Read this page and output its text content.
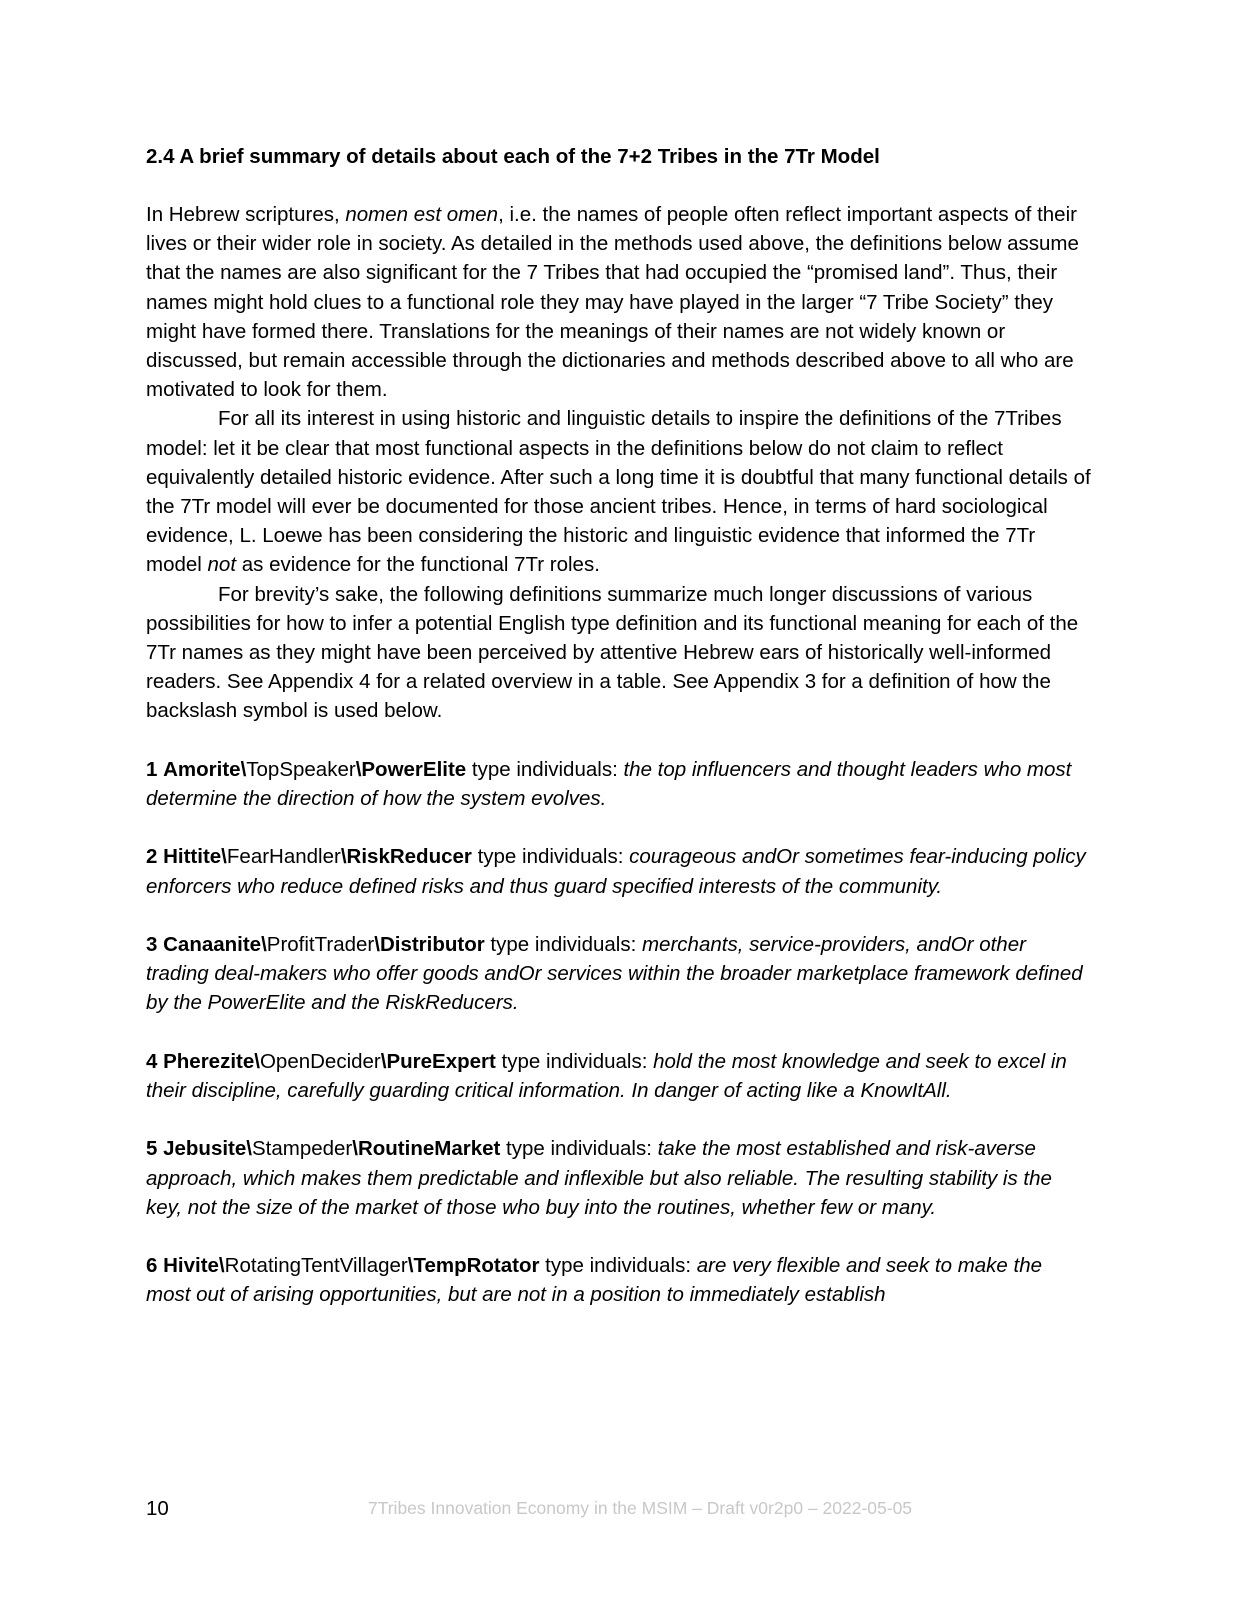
2.4 A brief summary of details about each of the 7+2 Tribes in the 7Tr Model

In Hebrew scriptures, nomen est omen, i.e. the names of people often reflect important aspects of their lives or their wider role in society. As detailed in the methods used above, the definitions below assume that the names are also significant for the 7 Tribes that had occupied the “promised land”. Thus, their names might hold clues to a functional role they may have played in the larger “7 Tribe Society” they might have formed there. Translations for the meanings of their names are not widely known or discussed, but remain accessible through the dictionaries and methods described above to all who are motivated to look for them.

For all its interest in using historic and linguistic details to inspire the definitions of the 7Tribes model: let it be clear that most functional aspects in the definitions below do not claim to reflect equivalently detailed historic evidence. After such a long time it is doubtful that many functional details of the 7Tr model will ever be documented for those ancient tribes. Hence, in terms of hard sociological evidence, L. Loewe has been considering the historic and linguistic evidence that informed the 7Tr model not as evidence for the functional 7Tr roles.

For brevity’s sake, the following definitions summarize much longer discussions of various possibilities for how to infer a potential English type definition and its functional meaning for each of the 7Tr names as they might have been perceived by attentive Hebrew ears of historically well-informed readers. See Appendix 4 for a related overview in a table. See Appendix 3 for a definition of how the backslash symbol is used below.

1 Amorite\TopSpeaker\PowerElite type individuals: the top influencers and thought leaders who most determine the direction of how the system evolves.

2 Hittite\FearHandler\RiskReducer type individuals: courageous andOr sometimes fear-inducing policy enforcers who reduce defined risks and thus guard specified interests of the community.

3 Canaanite\ProfitTrader\Distributor type individuals: merchants, service-providers, andOr other trading deal-makers who offer goods andOr services within the broader marketplace framework defined by the PowerElite and the RiskReducers.

4 Pherezite\OpenDecider\PureExpert type individuals: hold the most knowledge and seek to excel in their discipline, carefully guarding critical information. In danger of acting like a KnowItAll.

5 Jebusite\Stampeder\RoutineMarket type individuals: take the most established and risk-averse approach, which makes them predictable and inflexible but also reliable. The resulting stability is the key, not the size of the market of those who buy into the routines, whether few or many.

6 Hivite\RotatingTentVillager\TempRotator type individuals: are very flexible and seek to make the most out of arising opportunities, but are not in a position to immediately establish

10	7Tribes Innovation Economy in the MSIM – Draft v0r2p0 – 2022-05-05
